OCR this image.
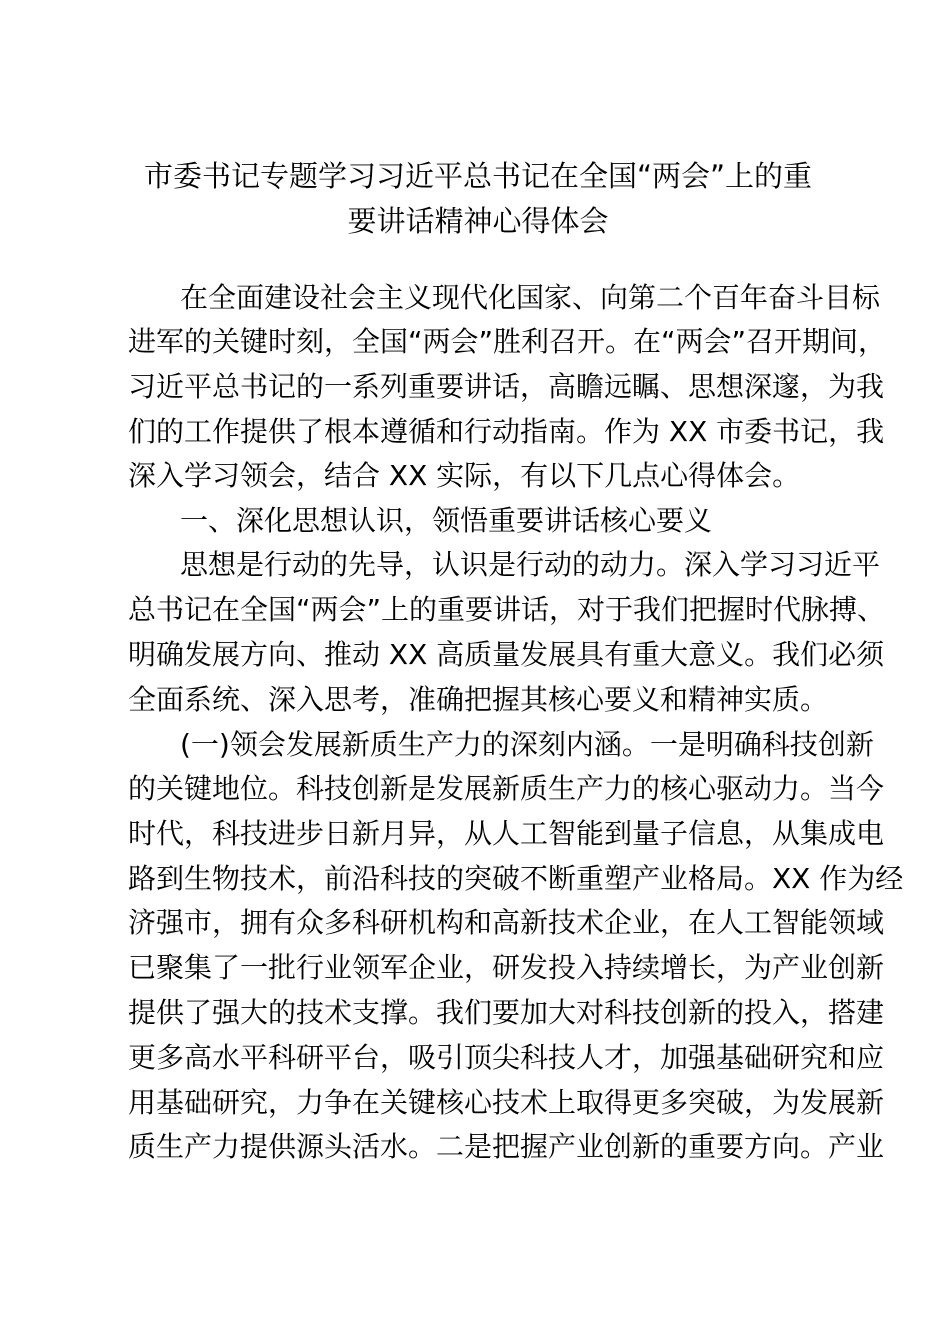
市委书记专题学习习近平总书记在全国“两会”上的重
要讲话精神心得体会
在全面建设社会主义现代化国家、向第二个百年奋斗目标
进军的关键时刻，全国“两会”胜利召开。在“两会”召开期间，
习近平总书记的一系列重要讲话，高瞻远瞩、思想深邃，为我
们的工作提供了根本遵循和行动指南。作为 XX 市委书记，我
深入学习领会，结合 XX 实际，有以下几点心得体会。
一、深化思想认识，领悟重要讲话核心要义
思想是行动的先导，认识是行动的动力。深入学习习近平
总书记在全国“两会”上的重要讲话，对于我们把握时代脉搏、
明确发展方向、推动 XX 高质量发展具有重大意义。我们必须
全面系统、深入思考，准确把握其核心要义和精神实质。
(一)领会发展新质生产力的深刻内涵。一是明确科技创新
的关键地位。科技创新是发展新质生产力的核心驱动力。当今
时代，科技进步日新月异，从人工智能到量子信息，从集成电
路到生物技术，前沿科技的突破不断重塑产业格局。XX 作为经
济强市，拥有众多科研机构和高新技术企业，在人工智能领域
已聚集了一批行业领军企业，研发投入持续增长，为产业创新
提供了强大的技术支撑。我们要加大对科技创新的投入，搭建
更多高水平科研平台，吸引顶尖科技人才，加强基础研究和应
用基础研究，力争在关键核心技术上取得更多突破，为发展新
质生产力提供源头活水。二是把握产业创新的重要方向。产业
